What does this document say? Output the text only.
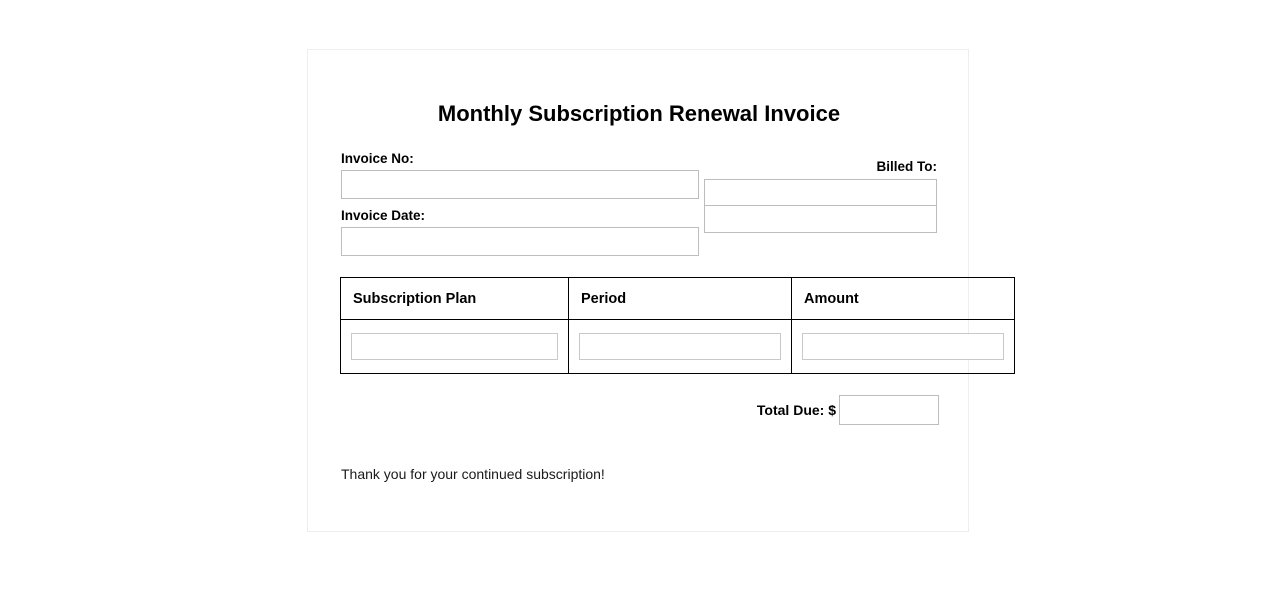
Monthly Subscription Renewal Invoice
Invoice No:
Invoice Date:
Billed To:
Subscription Plan	Period	Amount

Total Due: $
Thank you for your continued subscription!
